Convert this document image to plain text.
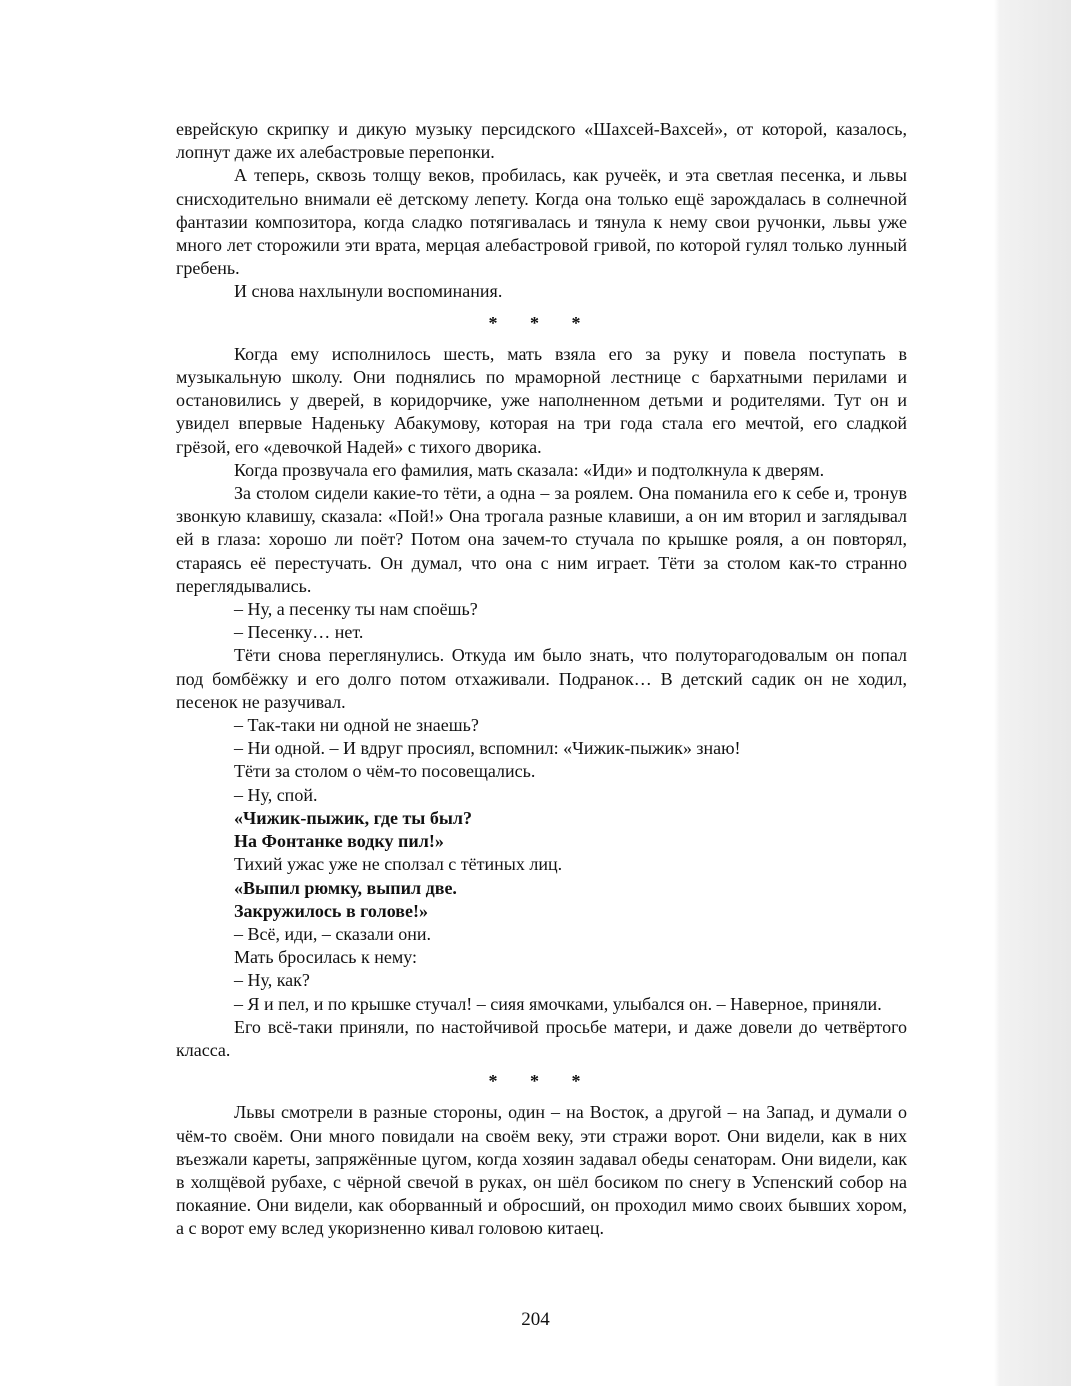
еврейскую скрипку и дикую музыку персидского «Шахсей-Вахсей», от которой, казалось, лопнут даже их алебастровые перепонки.

А теперь, сквозь толщу веков, пробилась, как ручеёк, и эта светлая песенка, и львы снисходительно внимали её детскому лепету. Когда она только ещё зарождалась в солнечной фантазии композитора, когда сладко потягивалась и тянула к нему свои ручонки, львы уже много лет сторожили эти врата, мерцая алебастровой гривой, по которой гулял только лунный гребень.

И снова нахлынули воспоминания.

* * *

Когда ему исполнилось шесть, мать взяла его за руку и повела поступать в музыкальную школу. Они поднялись по мраморной лестнице с бархатными перилами и остановились у дверей, в коридорчике, уже наполненном детьми и родителями. Тут он и увидел впервые Наденьку Абакумову, которая на три года стала его мечтой, его сладкой грёзой, его «девочкой Надей» с тихого дворика.

Когда прозвучала его фамилия, мать сказала: «Иди» и подтолкнула к дверям.

За столом сидели какие-то тёти, а одна – за роялем. Она поманила его к себе и, тронув звонкую клавишу, сказала: «Пой!» Она трогала разные клавиши, а он им вторил и заглядывал ей в глаза: хорошо ли поёт? Потом она зачем-то стучала по крышке рояля, а он повторял, стараясь её перестучать. Он думал, что она с ним играет. Тёти за столом как-то странно переглядывались.

– Ну, а песенку ты нам споёшь?

– Песенку… нет.

Тёти снова переглянулись. Откуда им было знать, что полуторагодовалым он попал под бомбёжку и его долго потом отхаживали. Подранок… В детский садик он не ходил, песенок не разучивал.

– Так-таки ни одной не знаешь?

– Ни одной. – И вдруг просиял, вспомнил: «Чижик-пыжик» знаю!

Тёти за столом о чём-то посовещались.

– Ну, спой.

«Чижик-пыжик, где ты был?

На Фонтанке водку пил!»

Тихий ужас уже не сползал с тётиных лиц.

«Выпил рюмку, выпил две.

Закружилось в голове!»

– Всё, иди, – сказали они.

Мать бросилась к нему:

– Ну, как?

– Я и пел, и по крышке стучал! – сияя ямочками, улыбался он. – Наверное, приняли.

Его всё-таки приняли, по настойчивой просьбе матери, и даже довели до четвёртого класса.

* * *

Львы смотрели в разные стороны, один – на Восток, а другой – на Запад, и думали о чём-то своём. Они много повидали на своём веку, эти стражи ворот. Они видели, как в них въезжали кареты, запряжённые цугом, когда хозяин задавал обеды сенаторам. Они видели, как в холщёвой рубахе, с чёрной свечой в руках, он шёл босиком по снегу в Успенский собор на покаяние. Они видели, как оборванный и обросший, он проходил мимо своих бывших хором, а с ворот ему вслед укоризненно кивал головою китаец.

204
